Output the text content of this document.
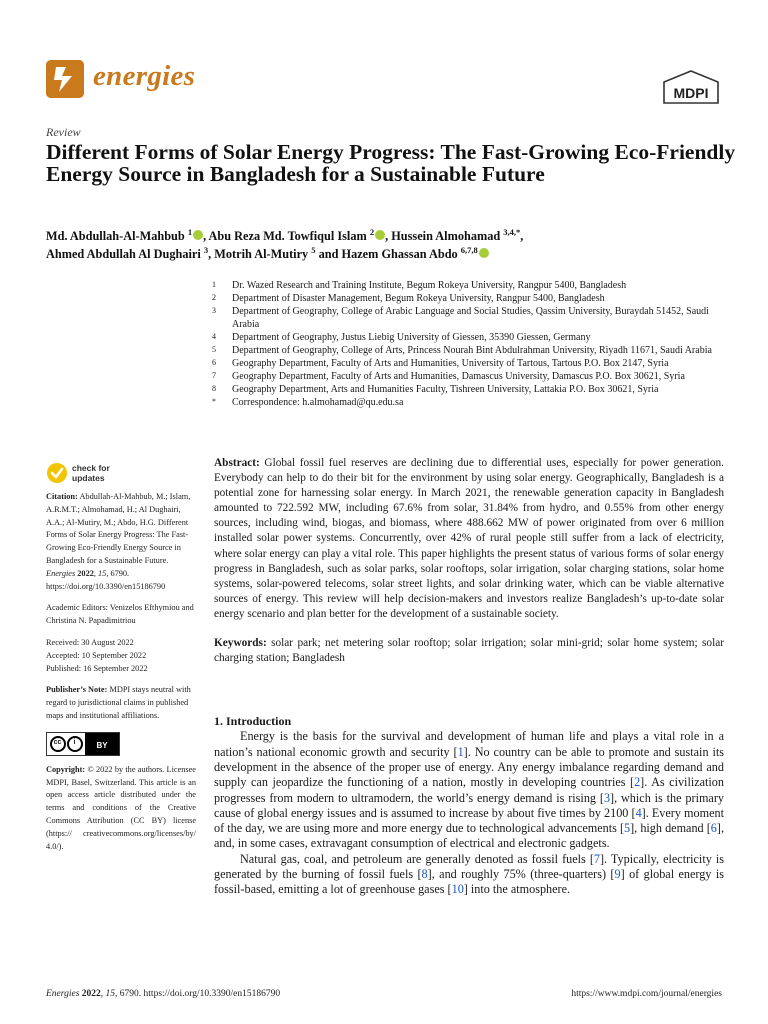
energies
MDPI
Review
Different Forms of Solar Energy Progress: The Fast-Growing Eco-Friendly Energy Source in Bangladesh for a Sustainable Future
Md. Abdullah-Al-Mahbub $^1$ , Abu Reza Md. Towfiqul Islam $^2$ , Hussein Almohamad $^{3,4,*}$,
Ahmed Abdullah Al Dughairi $^3$, Motrih Al-Mutiry $^5$ and Hazem Ghassan Abdo $^{6,7,8}$
1	Dr. Wazed Research and Training Institute, Begum Rokeya University, Rangpur 5400, Bangladesh
2	Department of Disaster Management, Begum Rokeya University, Rangpur 5400, Bangladesh
3	Department of Geography, College of Arabic Language and Social Studies, Qassim University, Buraydah 51452, Saudi Arabia
4	Department of Geography, Justus Liebig University of Giessen, 35390 Giessen, Germany
5	Department of Geography, College of Arts, Princess Nourah Bint Abdulrahman University, Riyadh 11671, Saudi Arabia
6	Geography Department, Faculty of Arts and Humanities, University of Tartous, Tartous P.O. Box 2147, Syria
7	Geography Department, Faculty of Arts and Humanities, Damascus University, Damascus P.O. Box 30621, Syria
8	Geography Department, Arts and Humanities Faculty, Tishreen University, Lattakia P.O. Box 30621, Syria
*	Correspondence: h.almohamad@qu.edu.sa
check for
updates
Citation: Abdullah-Al-Mahbub, M.; Islam, A.R.M.T.; Almohamad, H.; Al Dughairi, A.A.; Al-Mutiry, M.; Abdo, H.G. Different Forms of Solar Energy Progress: The Fast-Growing Eco-Friendly Energy Source in Bangladesh for a Sustainable Future. Energies 2022, 15, 6790. https://doi.org/10.3390/en15186790
Academic Editors: Venizelos Efthymiou and Christina N. Papadimitriou
Received: 30 August 2022
Accepted: 10 September 2022
Published: 16 September 2022
Publisher’s Note: MDPI stays neutral with regard to jurisdictional claims in published maps and institutional affiliations.
cc	i	BY
Copyright: © 2022 by the authors. Licensee MDPI, Basel, Switzerland. This article is an open access article distributed under the terms and conditions of the Creative Commons Attribution (CC BY) license (https:// creativecommons.org/licenses/by/ 4.0/).
Abstract: Global fossil fuel reserves are declining due to differential uses, especially for power generation. Everybody can help to do their bit for the environment by using solar energy. Geographically, Bangladesh is a potential zone for harnessing solar energy. In March 2021, the renewable generation capacity in Bangladesh amounted to 722.592 MW, including 67.6% from solar, 31.84% from hydro, and 0.55% from other energy sources, including wind, biogas, and biomass, where 488.662 MW of power originated from over 6 million installed solar power systems. Concurrently, over 42% of rural people still suffer from a lack of electricity, where solar energy can play a vital role. This paper highlights the present status of various forms of solar energy progress in Bangladesh, such as solar parks, solar rooftops, solar irrigation, solar charging stations, solar home systems, solar-powered telecoms, solar street lights, and solar drinking water, which can be viable alternative sources of energy. This review will help decision-makers and investors realize Bangladesh’s up-to-date solar energy scenario and plan better for the development of a sustainable society.
Keywords: solar park; net metering solar rooftop; solar irrigation; solar mini-grid; solar home system; solar charging station; Bangladesh
1. Introduction
Energy is the basis for the survival and development of human life and plays a vital role in a nation’s national economic growth and security [1]. No country can be able to promote and sustain its development in the absence of the proper use of energy. Any energy imbalance regarding demand and supply can jeopardize the functioning of a nation, mostly in developing countries [2]. As civilization progresses from modern to ultramodern, the world’s energy demand is rising [3], which is the primary cause of global energy issues and is assumed to increase by about five times by 2100 [4]. Every moment of the day, we are using more and more energy due to technological advancements [5], high demand [6], and, in some cases, extravagant consumption of electrical and electronic gadgets.
Natural gas, coal, and petroleum are generally denoted as fossil fuels [7]. Typically, electricity is generated by the burning of fossil fuels [8], and roughly 75% (three-quarters) [9] of global energy is fossil-based, emitting a lot of greenhouse gases [10] into the atmosphere.
Energies 2022, 15, 6790. https://doi.org/10.3390/en15186790	https://www.mdpi.com/journal/energies
